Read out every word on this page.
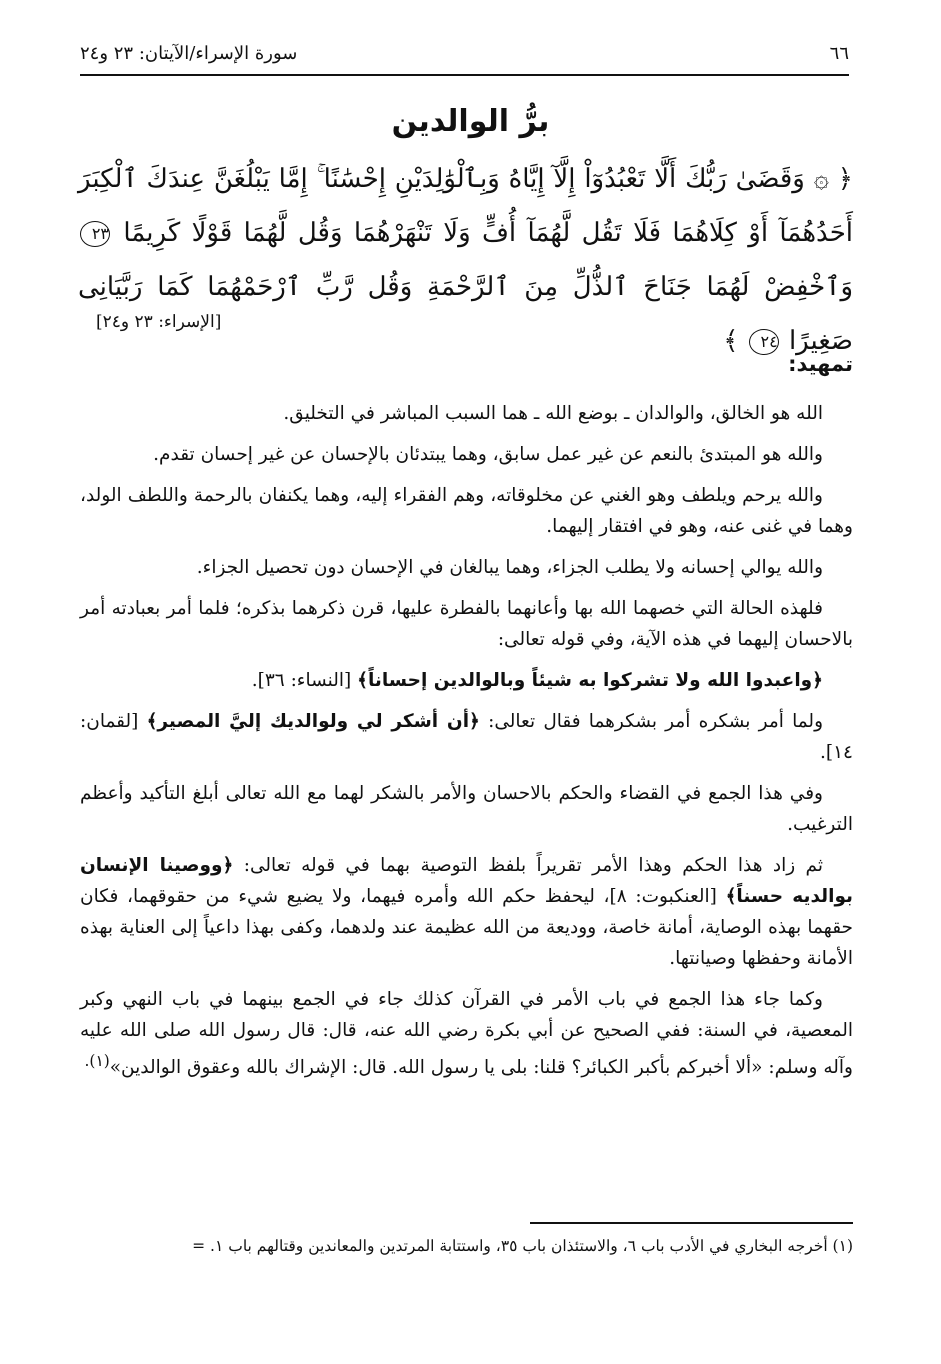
٦٦
سورة الإسراء/الآيتان: ٢٣ و٢٤
برُّ الوالدين
﴿ ۞ وَقَضَىٰ رَبُّكَ أَلَّا تَعْبُدُوٓاْ إِلَّآ إِيَّاهُ وَبِٱلْوَٰلِدَيْنِ إِحْسَٰنًا ۚ إِمَّا يَبْلُغَنَّ عِندَكَ ٱلْكِبَرَ أَحَدُهُمَآ أَوْ كِلَاهُمَا فَلَا تَقُل لَّهُمَآ أُفٍّ وَلَا تَنْهَرْهُمَا وَقُل لَّهُمَا قَوْلًا كَرِيمًا ٢٣ وَٱخْفِضْ لَهُمَا جَنَاحَ ٱلذُّلِّ مِنَ ٱلرَّحْمَةِ وَقُل رَّبِّ ٱرْحَمْهُمَا كَمَا رَبَّيَانِى صَغِيرًا ٢٤ ﴾
[الإسراء: ٢٣ و٢٤]
تمهيد:

الله هو الخالق، والوالدان ـ بوضع الله ـ هما السبب المباشر في التخليق.

والله هو المبتدئ بالنعم عن غير عمل سابق، وهما يبتدئان بالإحسان عن غير إحسان تقدم.

والله يرحم ويلطف وهو الغني عن مخلوقاته، وهم الفقراء إليه، وهما يكنفان بالرحمة واللطف الولد، وهما في غنى عنه، وهو في افتقار إليهما.

والله يوالي إحسانه ولا يطلب الجزاء، وهما يبالغان في الإحسان دون تحصيل الجزاء.

فلهذه الحالة التي خصهما الله بها وأعانهما بالفطرة عليها، قرن ذكرهما بذكره؛ فلما أمر بعبادته أمر بالاحسان إليهما في هذه الآية، وفي قوله تعالى:

﴿واعبدوا الله ولا تشركوا به شيئاً وبالوالدين إحساناً﴾ [النساء: ٣٦].

ولما أمر بشكره أمر بشكرهما فقال تعالى: ﴿أن أشكر لي ولوالديك إليَّ المصير﴾ [لقمان: ١٤].

وفي هذا الجمع في القضاء والحكم بالاحسان والأمر بالشكر لهما مع الله تعالى أبلغ التأكيد وأعظم الترغيب.

ثم زاد هذا الحكم وهذا الأمر تقريراً بلفظ التوصية بهما في قوله تعالى: ﴿ووصينا الإنسان بوالديه حسناً﴾ [العنكبوت: ٨]، ليحفظ حكم الله وأمره فيهما، ولا يضيع شيء من حقوقهما، فكان حقهما بهذه الوصاية، أمانة خاصة، ووديعة من الله عظيمة عند ولدهما، وكفى بهذا داعياً إلى العناية بهذه الأمانة وحفظها وصيانتها.

وكما جاء هذا الجمع في باب الأمر في القرآن كذلك جاء في الجمع بينهما في باب النهي وكبر المعصية، في السنة: ففي الصحيح عن أبي بكرة رضي الله عنه، قال: قال رسول الله صلى الله عليه وآله وسلم: «ألا أخبركم بأكبر الكبائر؟ قلنا: بلى يا رسول الله. قال: الإشراك بالله وعقوق الوالدين»$^{(١).}$

(١) أخرجه البخاري في الأدب باب ٦، والاستئذان باب ٣٥، واستتابة المرتدين والمعاندين وقتالهم باب ١. =
